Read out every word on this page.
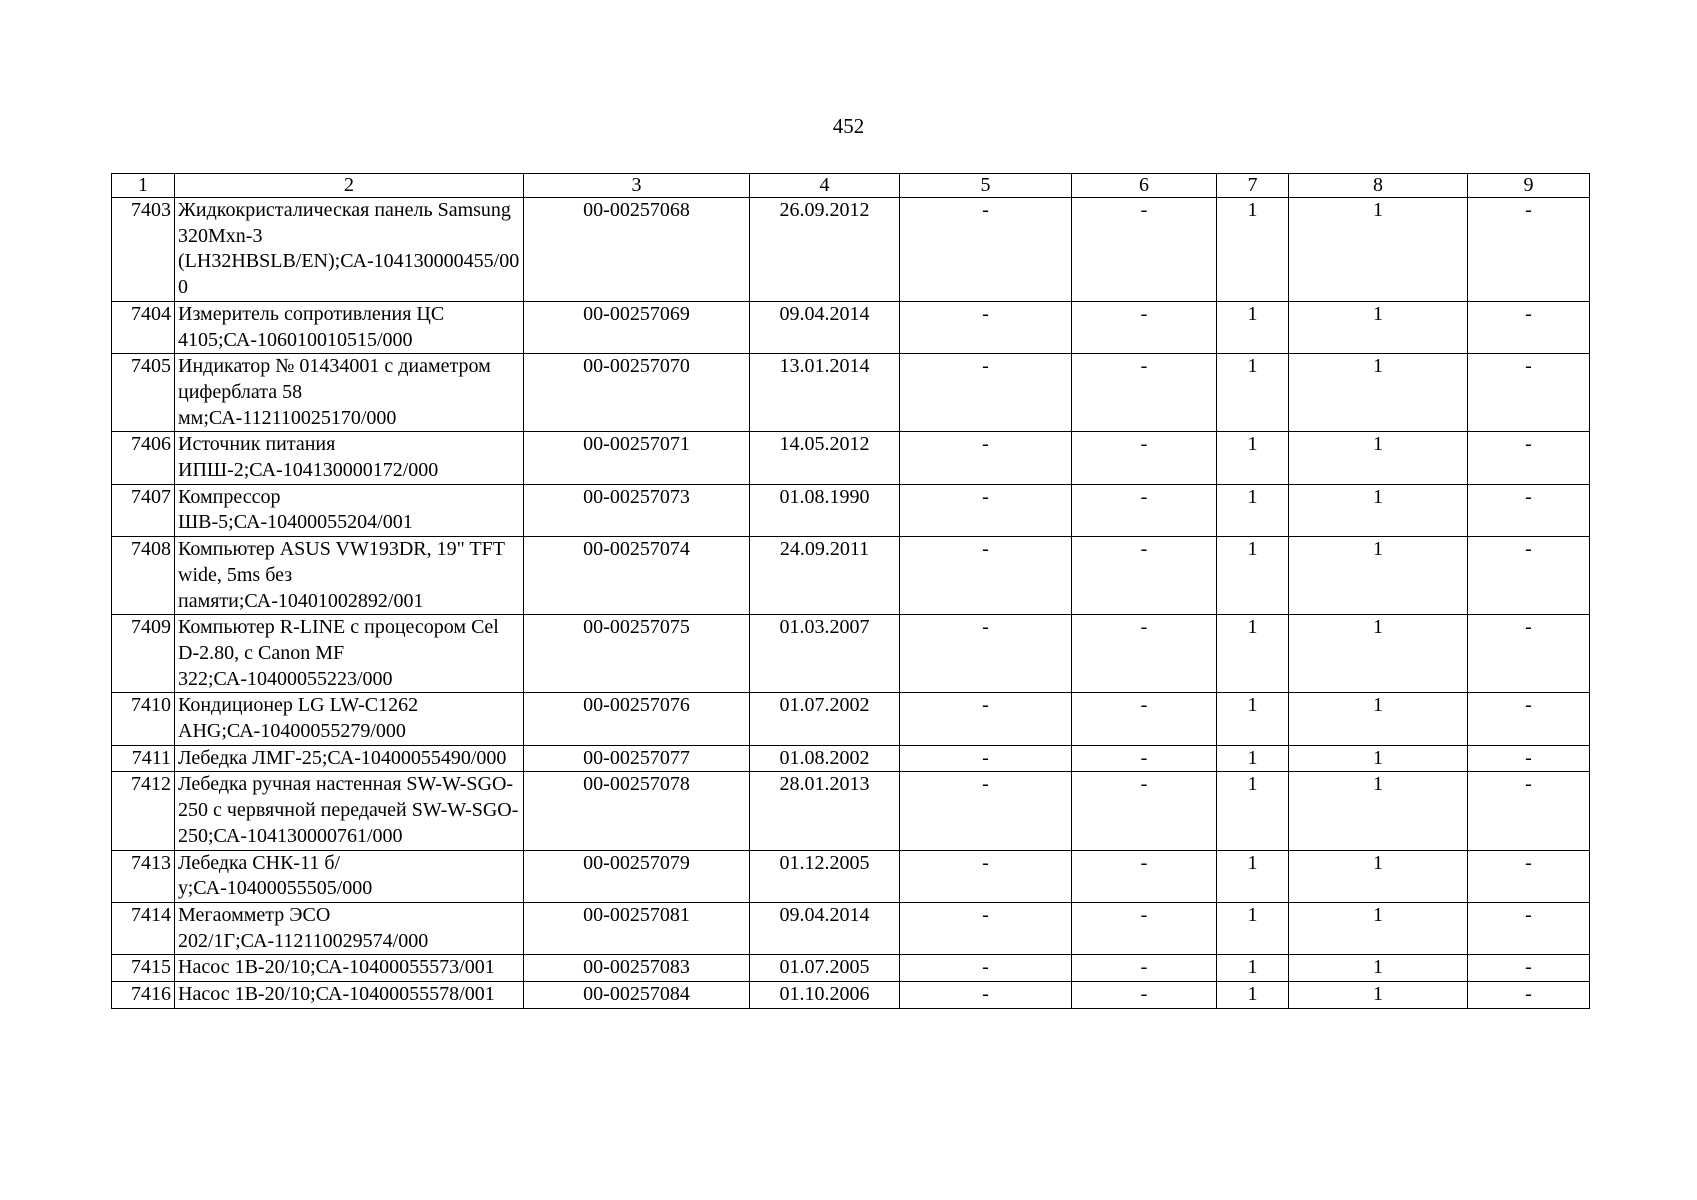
452
1	2	3	4	5	6	7	8	9
7403	Жидкокристалическая панель Samsung 320Mxn-3 (LH32HBSLB/EN);СА-104130000455/000	00-00257068	26.09.2012	-	-	1	1	-
7404	Измеритель сопротивления ЦС 4105;СА-106010010515/000	00-00257069	09.04.2014	-	-	1	1	-
7405	Индикатор № 01434001 с диаметром циферблата 58 мм;СА-112110025170/000	00-00257070	13.01.2014	-	-	1	1	-
7406	Источник питания ИПШ-2;СА-104130000172/000	00-00257071	14.05.2012	-	-	1	1	-
7407	Компрессор ШВ-5;СА-10400055204/001	00-00257073	01.08.1990	-	-	1	1	-
7408	Компьютер ASUS VW193DR, 19" TFT wide, 5ms без памяти;СА-10401002892/001	00-00257074	24.09.2011	-	-	1	1	-
7409	Компьютер R-LINE с процесором Cel D-2.80, с Canon MF 322;СА-10400055223/000	00-00257075	01.03.2007	-	-	1	1	-
7410	Кондиционер LG LW-C1262 AHG;СА-10400055279/000	00-00257076	01.07.2002	-	-	1	1	-
7411	Лебедка ЛМГ-25;СА-10400055490/000	00-00257077	01.08.2002	-	-	1	1	-
7412	Лебедка ручная настенная SW-W-SGO-250 с червячной передачей SW-W-SGO-250;СА-104130000761/000	00-00257078	28.01.2013	-	-	1	1	-
7413	Лебедка СНК-11 б/у;СА-10400055505/000	00-00257079	01.12.2005	-	-	1	1	-
7414	Мегаомметр ЭСО 202/1Г;СА-112110029574/000	00-00257081	09.04.2014	-	-	1	1	-
7415	Насос 1В-20/10;СА-10400055573/001	00-00257083	01.07.2005	-	-	1	1	-
7416	Насос 1В-20/10;СА-10400055578/001	00-00257084	01.10.2006	-	-	1	1	-
